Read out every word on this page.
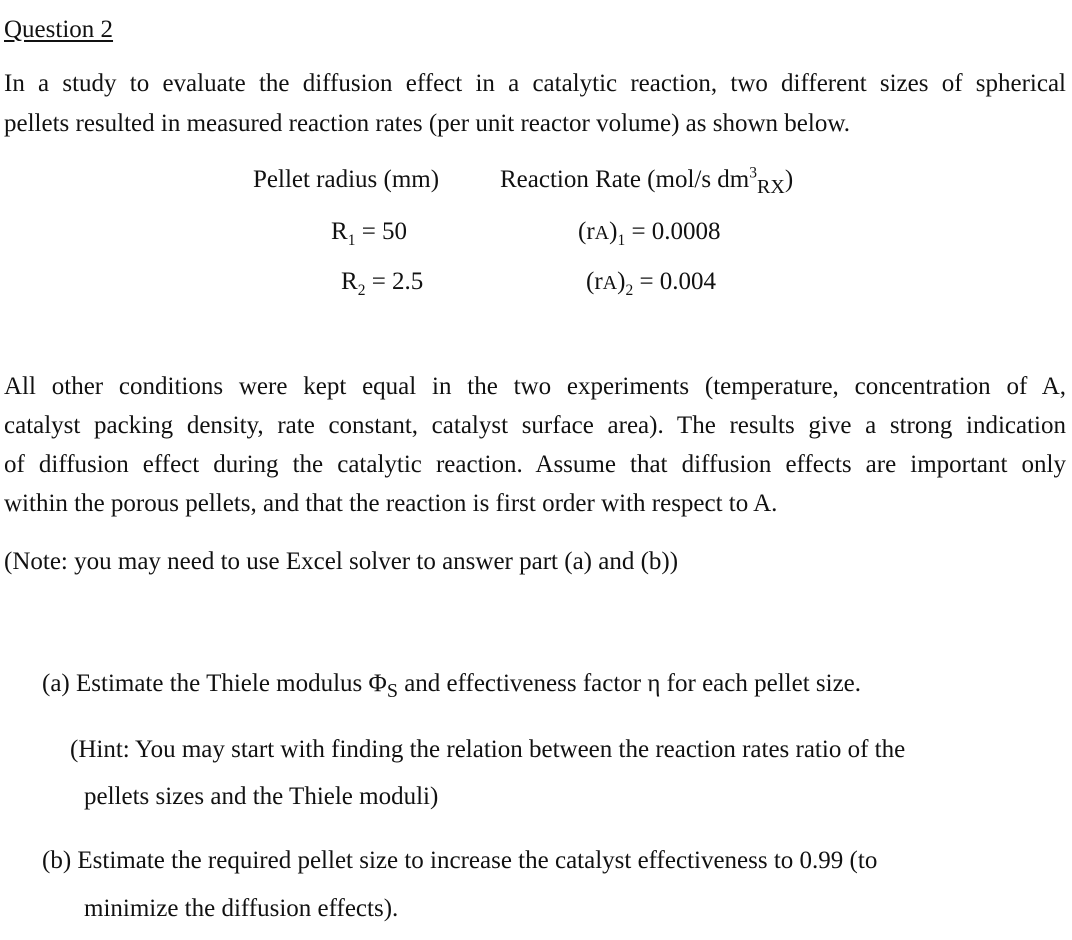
Question 2
In a study to evaluate the diffusion effect in a catalytic reaction, two different sizes of spherical
pellets resulted in measured reaction rates (per unit reactor volume) as shown below.
Pellet radius (mm) Reaction Rate (mol/s $dm^3_{RX}$)
$R_1 = 50$	$(rA)_1 = 0.0008$
$R_2 = 2.5$	$(rA)_2 = 0.004$
All other conditions were kept equal in the two experiments (temperature, concentration of A,
catalyst packing density, rate constant, catalyst surface area). The results give a strong indication
of diffusion effect during the catalytic reaction. Assume that diffusion effects are important only
within the porous pellets, and that the reaction is first order with respect to A.
(Note: you may need to use Excel solver to answer part (a) and (b))
(a) Estimate the Thiele modulus $\Phi_S$ and effectiveness factor η for each pellet size.
(Hint: You may start with finding the relation between the reaction rates ratio of the
pellets sizes and the Thiele moduli)
(b) Estimate the required pellet size to increase the catalyst effectiveness to 0.99 (to
minimize the diffusion effects).
